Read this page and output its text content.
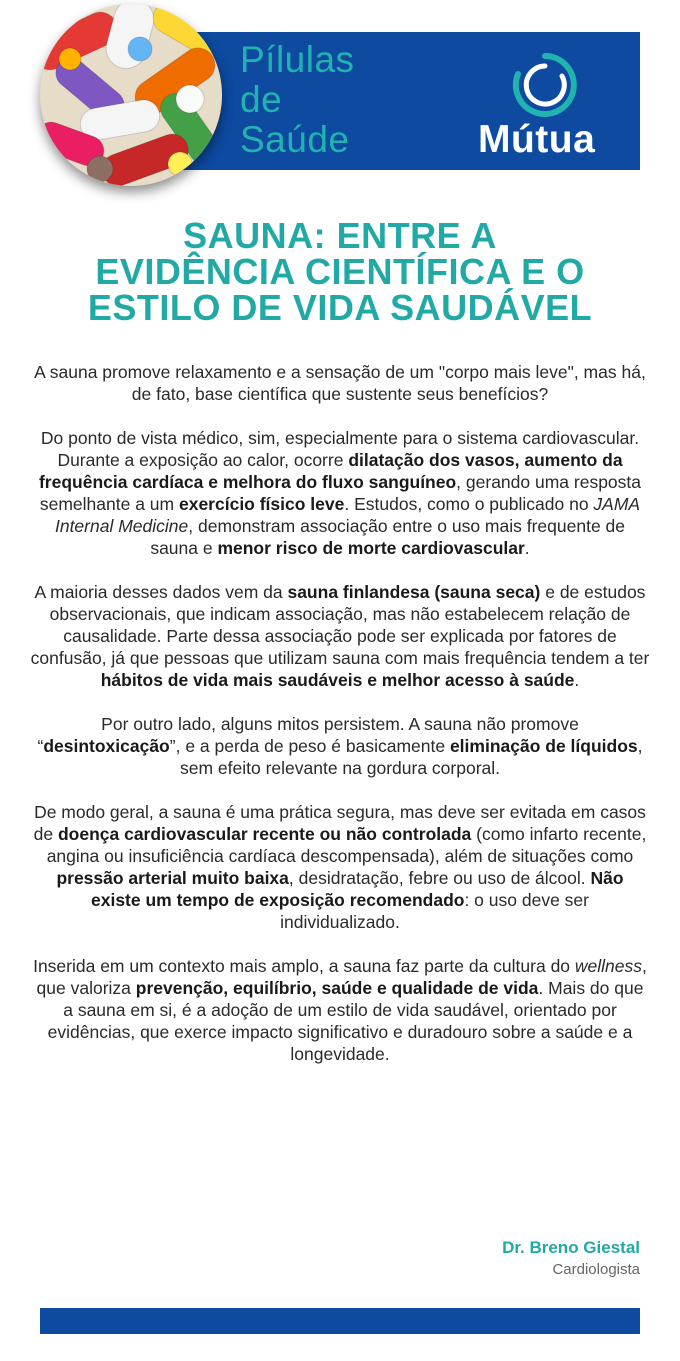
Pílulas
de
Saúde	Mútua
SAUNA: ENTRE A
EVIDÊNCIA CIENTÍFICA E O
ESTILO DE VIDA SAUDÁVEL

A sauna promove relaxamento e a sensação de um "corpo mais leve", mas há, de fato, base científica que sustente seus benefícios?

Do ponto de vista médico, sim, especialmente para o sistema cardiovascular. Durante a exposição ao calor, ocorre dilatação dos vasos, aumento da frequência cardíaca e melhora do fluxo sanguíneo, gerando uma resposta semelhante a um exercício físico leve. Estudos, como o publicado no JAMA Internal Medicine, demonstram associação entre o uso mais frequente de sauna e menor risco de morte cardiovascular.

A maioria desses dados vem da sauna finlandesa (sauna seca) e de estudos observacionais, que indicam associação, mas não estabelecem relação de causalidade. Parte dessa associação pode ser explicada por fatores de confusão, já que pessoas que utilizam sauna com mais frequência tendem a ter hábitos de vida mais saudáveis e melhor acesso à saúde.

Por outro lado, alguns mitos persistem. A sauna não promove “desintoxicação”, e a perda de peso é basicamente eliminação de líquidos, sem efeito relevante na gordura corporal.

De modo geral, a sauna é uma prática segura, mas deve ser evitada em casos de doença cardiovascular recente ou não controlada (como infarto recente, angina ou insuficiência cardíaca descompensada), além de situações como pressão arterial muito baixa, desidratação, febre ou uso de álcool. Não existe um tempo de exposição recomendado: o uso deve ser individualizado.

Inserida em um contexto mais amplo, a sauna faz parte da cultura do wellness, que valoriza prevenção, equilíbrio, saúde e qualidade de vida. Mais do que a sauna em si, é a adoção de um estilo de vida saudável, orientado por evidências, que exerce impacto significativo e duradouro sobre a saúde e a longevidade.

Dr. Breno Giestal
Cardiologista
